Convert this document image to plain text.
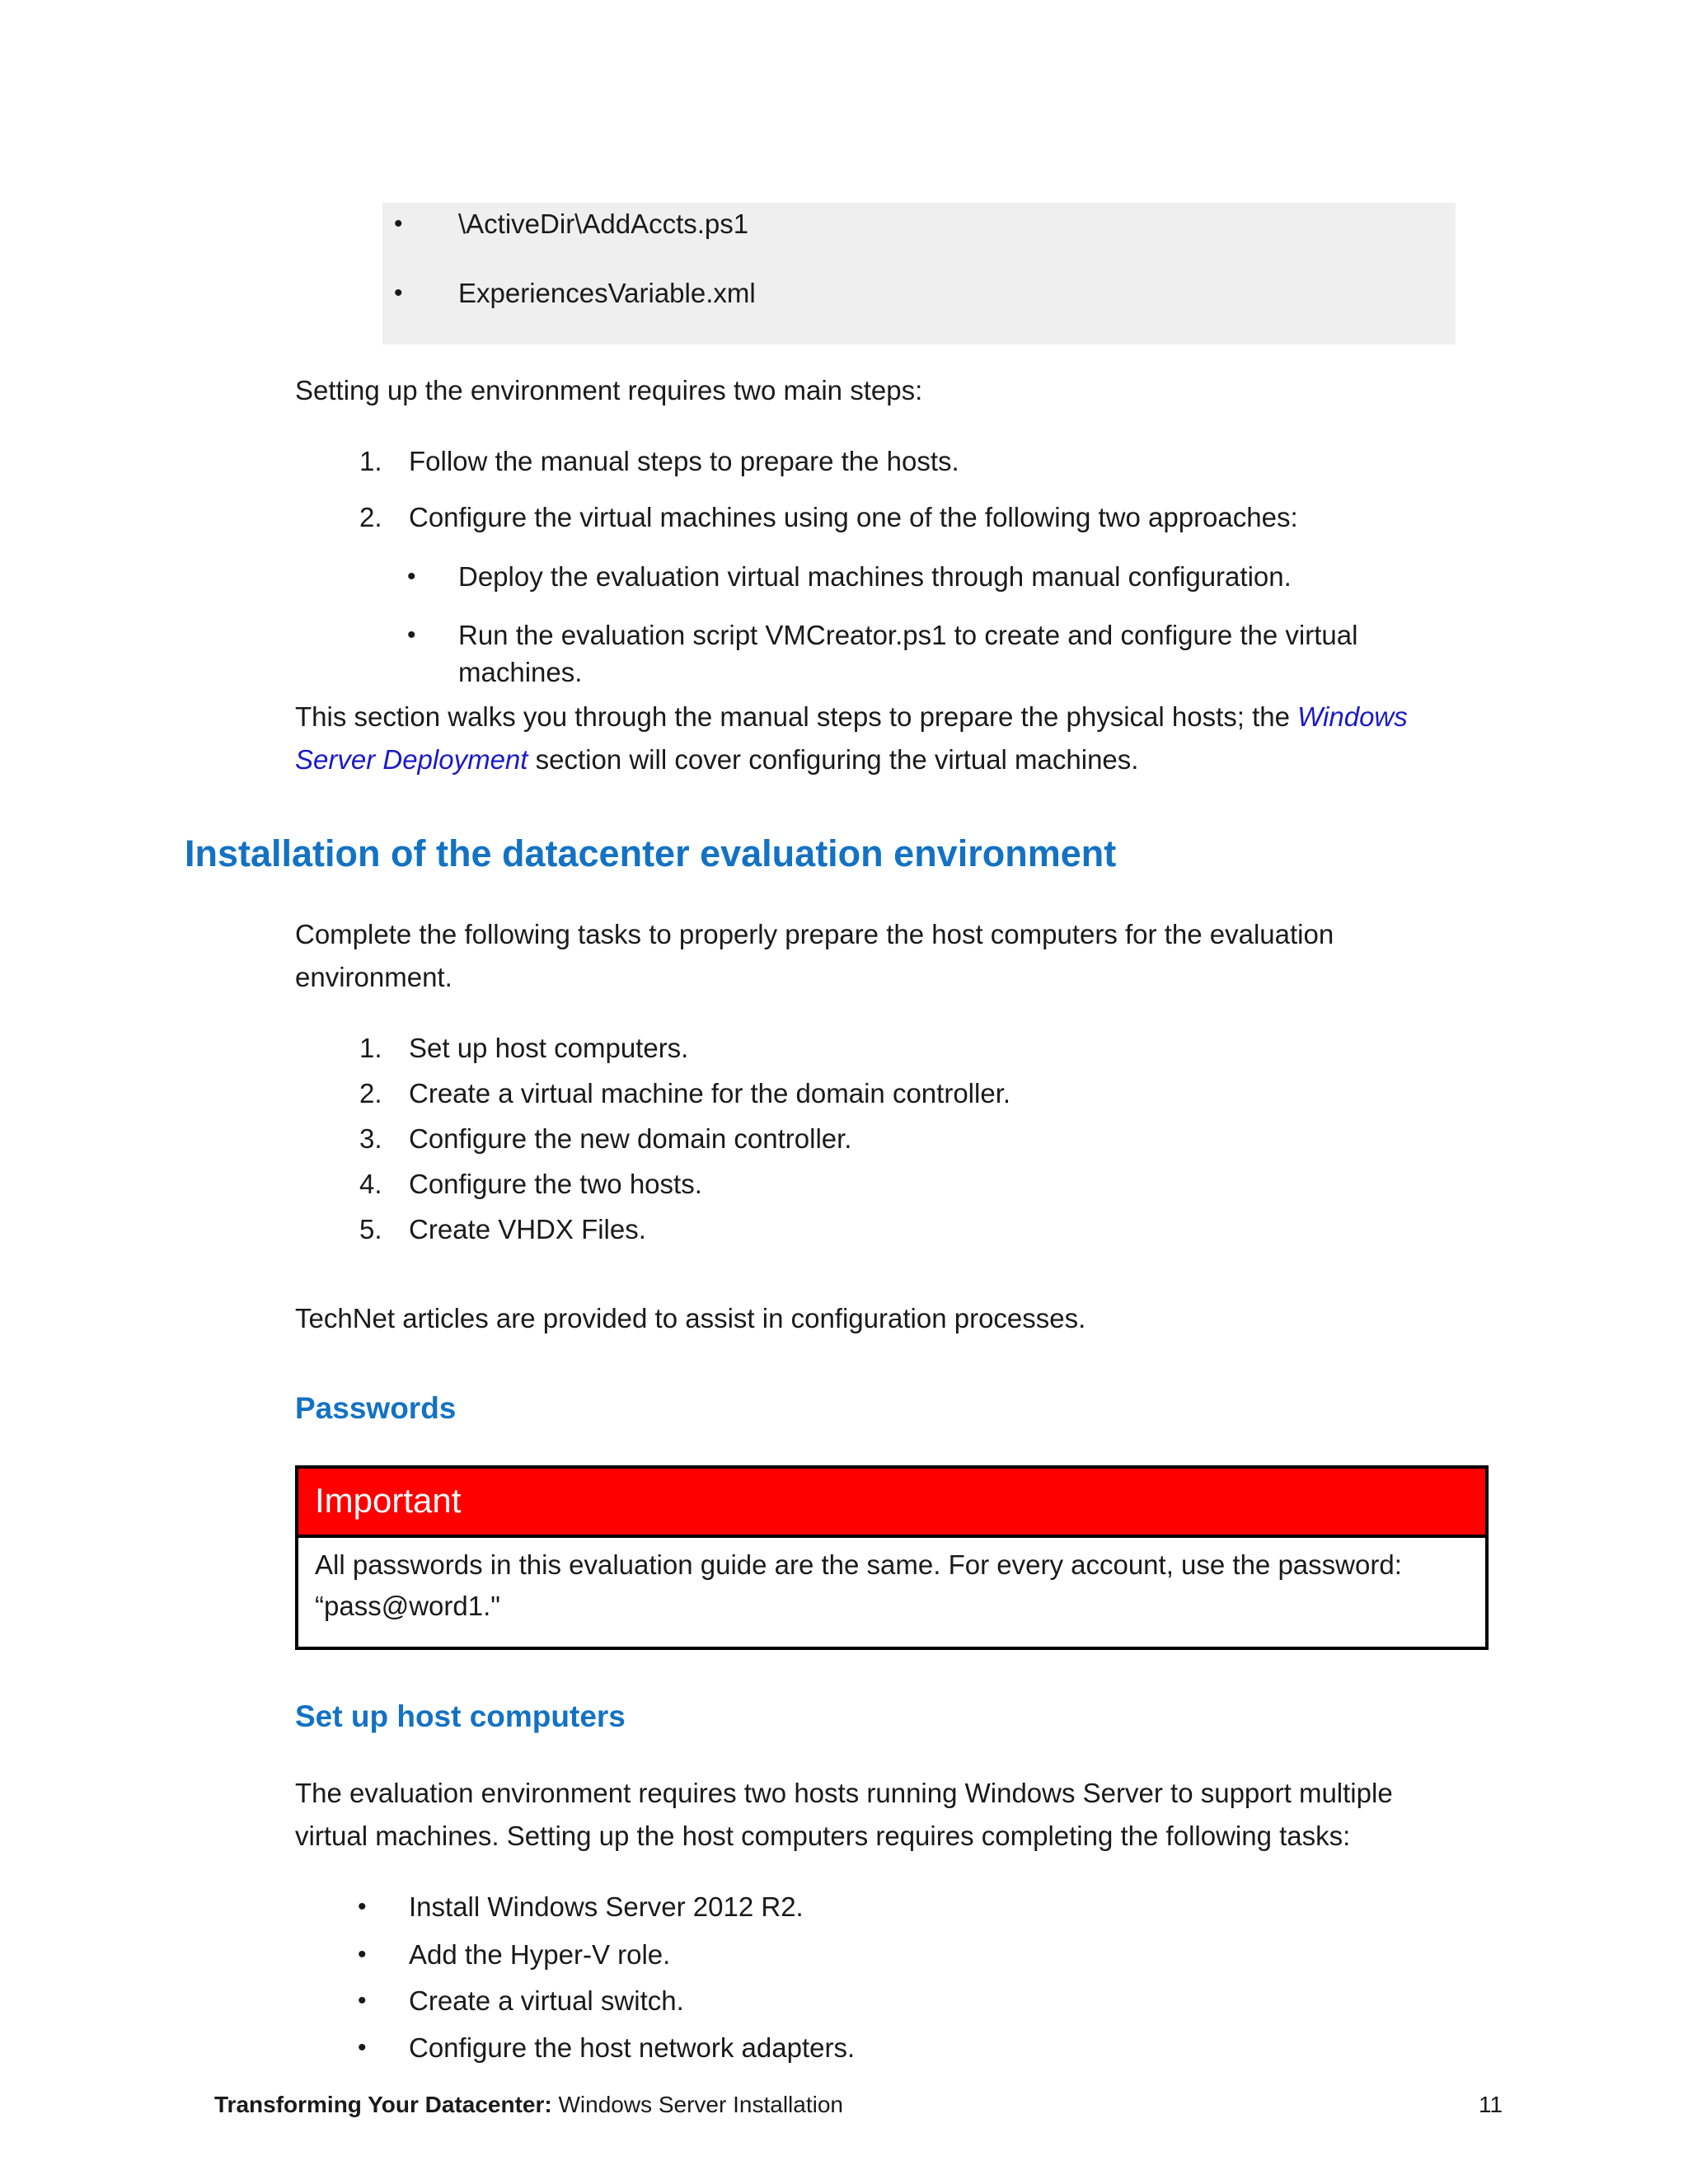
• \ActiveDir\AddAccts.ps1
• ExperiencesVariable.xml

Setting up the environment requires two main steps:

1. Follow the manual steps to prepare the hosts.
2. Configure the virtual machines using one of the following two approaches:
• Deploy the evaluation virtual machines through manual configuration.
• Run the evaluation script VMCreator.ps1 to create and configure the virtual
machines.
This section walks you through the manual steps to prepare the physical hosts; the Windows
Server Deployment section will cover configuring the virtual machines.
Installation of the datacenter evaluation environment
Complete the following tasks to properly prepare the host computers for the evaluation
environment.
1. Set up host computers.
2. Create a virtual machine for the domain controller.
3. Configure the new domain controller.
4. Configure the two hosts.
5. Create VHDX Files.

TechNet articles are provided to assist in configuration processes.

Passwords
Important
All passwords in this evaluation guide are the same. For every account, use the password:
“pass@word1."
Set up host computers
The evaluation environment requires two hosts running Windows Server to support multiple
virtual machines. Setting up the host computers requires completing the following tasks:
• Install Windows Server 2012 R2.
• Add the Hyper-V role.
• Create a virtual switch.
• Configure the host network adapters.
Transforming Your Datacenter: Windows Server Installation	11
